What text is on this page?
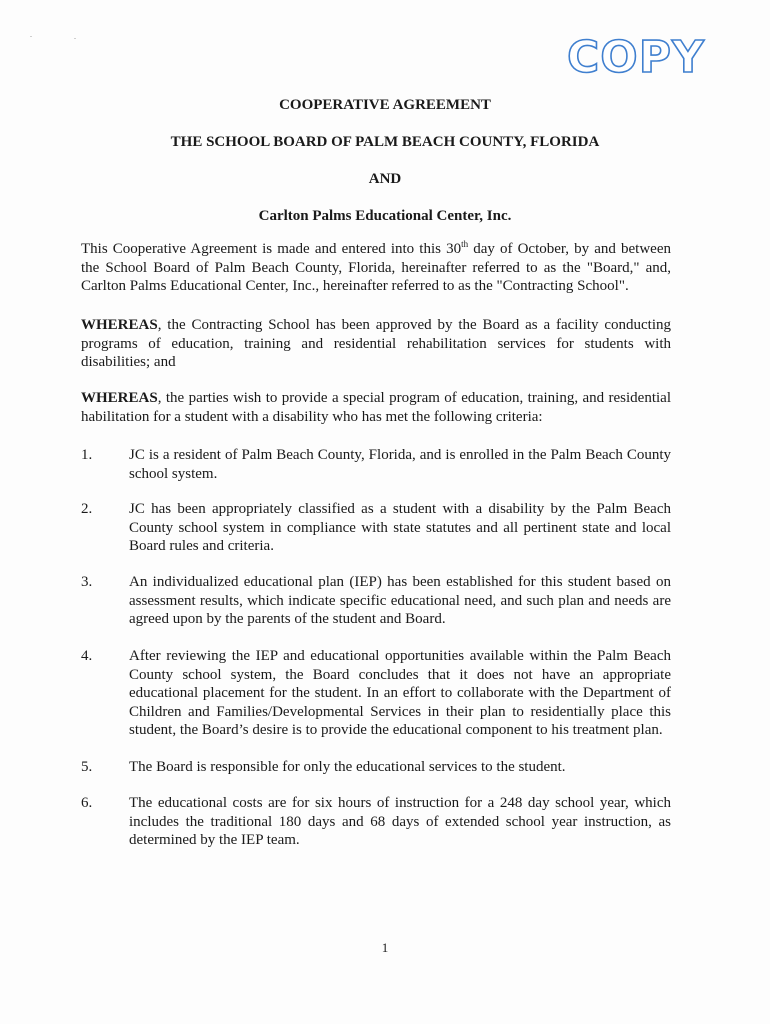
COPY
COOPERATIVE AGREEMENT
THE SCHOOL BOARD OF PALM BEACH COUNTY, FLORIDA
AND
Carlton Palms Educational Center, Inc.
This Cooperative Agreement is made and entered into this 30th day of October, by and between the School Board of Palm Beach County, Florida, hereinafter referred to as the "Board," and, Carlton Palms Educational Center, Inc., hereinafter referred to as the "Contracting School".
WHEREAS, the Contracting School has been approved by the Board as a facility conducting programs of education, training and residential rehabilitation services for students with disabilities; and
WHEREAS, the parties wish to provide a special program of education, training, and residential habilitation for a student with a disability who has met the following criteria:
1. JC is a resident of Palm Beach County, Florida, and is enrolled in the Palm Beach County school system.
2. JC has been appropriately classified as a student with a disability by the Palm Beach County school system in compliance with state statutes and all pertinent state and local Board rules and criteria.
3. An individualized educational plan (IEP) has been established for this student based on assessment results, which indicate specific educational need, and such plan and needs are agreed upon by the parents of the student and Board.
4. After reviewing the IEP and educational opportunities available within the Palm Beach County school system, the Board concludes that it does not have an appropriate educational placement for the student. In an effort to collaborate with the Department of Children and Families/Developmental Services in their plan to residentially place this student, the Board’s desire is to provide the educational component to his treatment plan.
5. The Board is responsible for only the educational services to the student.
6. The educational costs are for six hours of instruction for a 248 day school year, which includes the traditional 180 days and 68 days of extended school year instruction, as determined by the IEP team.
1
